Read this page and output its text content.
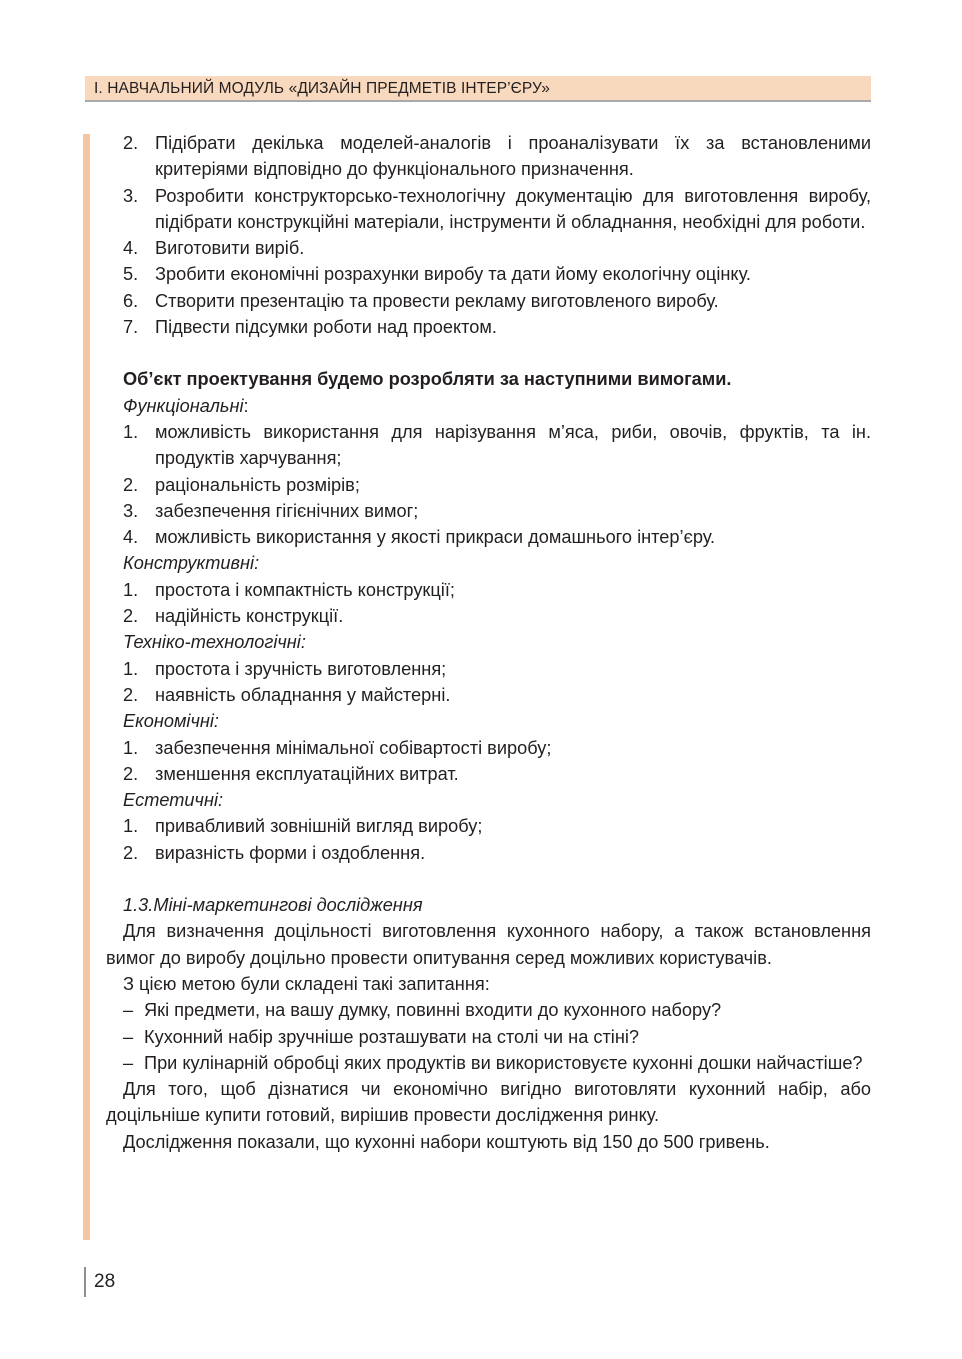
І. НАВЧАЛЬНИЙ МОДУЛЬ «ДИЗАЙН ПРЕДМЕТІВ ІНТЕР’ЄРУ»
2. Підібрати декілька моделей-аналогів і проаналізувати їх за встановленими критеріями відповідно до функціонального призначення.
3. Розробити конструкторсько-технологічну документацію для виготовлення виробу, підібрати конструкційні матеріали, інструменти й обладнання, необхідні для роботи.
4. Виготовити виріб.
5. Зробити економічні розрахунки виробу та дати йому екологічну оцінку.
6. Створити презентацію та провести рекламу виготовленого виробу.
7. Підвести підсумки роботи над проектом.

Об’єкт проектування будемо розробляти за наступними вимогами.

Функціональні:

1. можливість використання для нарізування м’яса, риби, овочів, фруктів, та ін. продуктів харчування;
2. раціональність розмірів;
3. забезпечення гігієнічних вимог;
4. можливість використання у якості прикраси домашнього інтер’єру.

Конструктивні:

1. простота і компактність конструкції;
2. надійність конструкції.

Техніко-технологічні:

1. простота і зручність виготовлення;
2. наявність обладнання у майстерні.

Економічні:

1. забезпечення мінімальної собівартості виробу;
2. зменшення експлуатаційних витрат.

Естетичні:

1. привабливий зовнішній вигляд виробу;
2. виразність форми і оздоблення.

1.3.Міні-маркетингові дослідження

Для визначення доцільності виготовлення кухонного набору, а також встановлення вимог до виробу доцільно провести опитування серед можливих користувачів.

З цією метою були складені такі запитання:

– Які предмети, на вашу думку, повинні входити до кухонного набору?
– Кухонний набір зручніше розташувати на столі чи на стіні?
– При кулінарній обробці яких продуктів ви використовуєте кухонні дошки найчастіше?

Для того, щоб дізнатися чи економічно вигідно виготовляти кухонний набір, або доцільніше купити готовий, вирішив провести дослідження ринку.

Дослідження показали, що кухонні набори коштують від 150 до 500 гривень.

28
